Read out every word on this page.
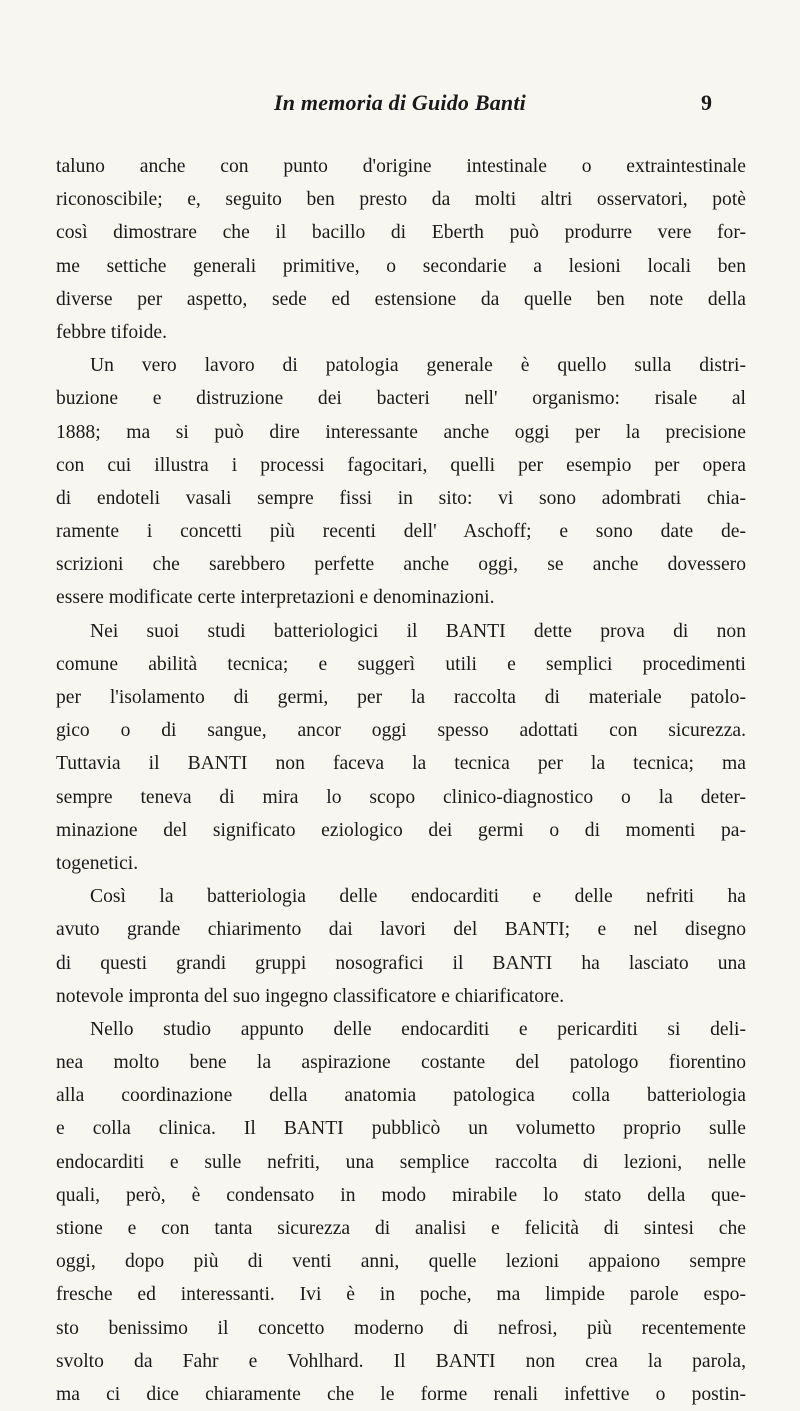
In memoria di Guido Banti	9
taluno anche con punto d'origine intestinale o extraintestinale
riconoscibile; e, seguito ben presto da molti altri osservatori, potè
così dimostrare che il bacillo di Eberth può produrre vere for-
me settiche generali primitive, o secondarie a lesioni locali ben
diverse per aspetto, sede ed estensione da quelle ben note della
febbre tifoide.
Un vero lavoro di patologia generale è quello sulla distri-
buzione e distruzione dei bacteri nell' organismo: risale al
1888; ma si può dire interessante anche oggi per la precisione
con cui illustra i processi fagocitari, quelli per esempio per opera
di endoteli vasali sempre fissi in sito: vi sono adombrati chia-
ramente i concetti più recenti dell' Aschoff; e sono date de-
scrizioni che sarebbero perfette anche oggi, se anche dovessero
essere modificate certe interpretazioni e denominazioni.
Nei suoi studi batteriologici il BANTI dette prova di non
comune abilità tecnica; e suggerì utili e semplici procedimenti
per l'isolamento di germi, per la raccolta di materiale patolo-
gico o di sangue, ancor oggi spesso adottati con sicurezza.
Tuttavia il BANTI non faceva la tecnica per la tecnica; ma
sempre teneva di mira lo scopo clinico-diagnostico o la deter-
minazione del significato eziologico dei germi o di momenti pa-
togenetici.
Così la batteriologia delle endocarditi e delle nefriti ha
avuto grande chiarimento dai lavori del BANTI; e nel disegno
di questi grandi gruppi nosografici il BANTI ha lasciato una
notevole impronta del suo ingegno classificatore e chiarificatore.
Nello studio appunto delle endocarditi e pericarditi si deli-
nea molto bene la aspirazione costante del patologo fiorentino
alla coordinazione della anatomia patologica colla batteriologia
e colla clinica. Il BANTI pubblicò un volumetto proprio sulle
endocarditi e sulle nefriti, una semplice raccolta di lezioni, nelle
quali, però, è condensato in modo mirabile lo stato della que-
stione e con tanta sicurezza di analisi e felicità di sintesi che
oggi, dopo più di venti anni, quelle lezioni appaiono sempre
fresche ed interessanti. Ivi è in poche, ma limpide parole espo-
sto benissimo il concetto moderno di nefrosi, più recentemente
svolto da Fahr e Vohlhard. Il BANTI non crea la parola,
ma ci dice chiaramente che le forme renali infettive o postin-
